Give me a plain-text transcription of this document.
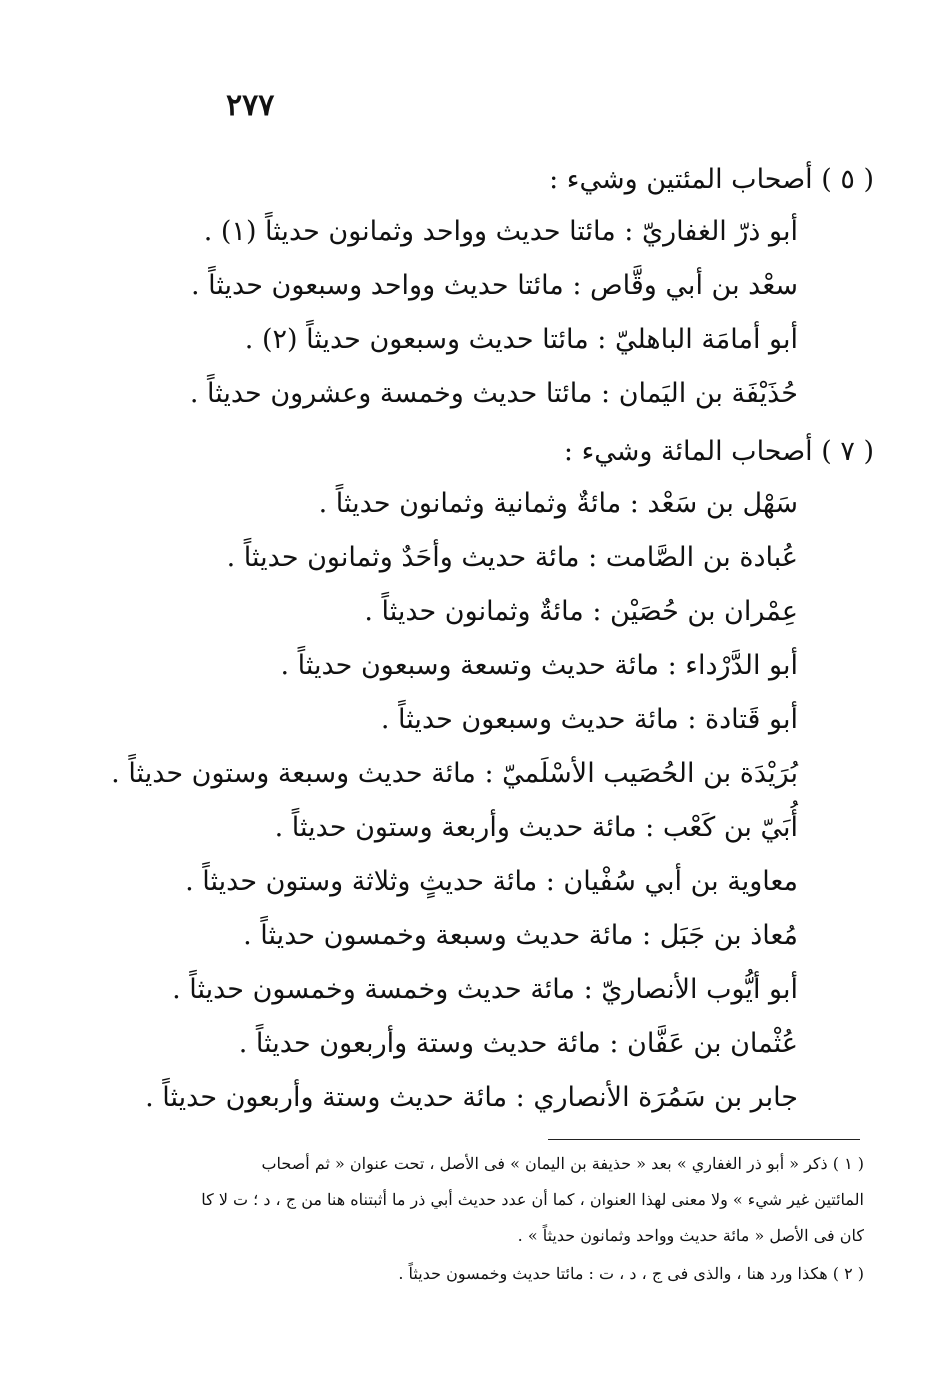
٢٧٧
( ٥ ) أصحاب المئتين وشيء :
أبو ذرّ الغفاريّ : مائتا حديث وواحد وثمانون حديثاً (١) .
سعْد بن أبي وقَّاص : مائتا حديث وواحد وسبعون حديثاً .
أبو أمامَة الباهليّ : مائتا حديث وسبعون حديثاً (٢) .
حُذَيْفَة بن اليَمان : مائتا حديث وخمسة وعشرون حديثاً .
( ٧ ) أصحاب المائة وشيء :
سَهْل بن سَعْد : مائةٌ وثمانية وثمانون حديثاً .
عُبادة بن الصَّامت : مائة حديث وأحَدٌ وثمانون حديثاً .
عِمْران بن حُصَيْن : مائةٌ وثمانون حديثاً .
أبو الدَّرْداء : مائة حديث وتسعة وسبعون حديثاً .
أبو قَتادة : مائة حديث وسبعون حديثاً .
بُرَيْدَة بن الحُصَيب الأسْلَميّ : مائة حديث وسبعة وستون حديثاً .
أُبَيّ بن كَعْب : مائة حديث وأربعة وستون حديثاً .
معاوية بن أبي سُفْيان : مائة حديثٍ وثلاثة وستون حديثاً .
مُعاذ بن جَبَل : مائة حديث وسبعة وخمسون حديثاً .
أبو أيُّوب الأنصاريّ : مائة حديث وخمسة وخمسون حديثاً .
عُثْمان بن عَفَّان : مائة حديث وستة وأربعون حديثاً .
جابر بن سَمُرَة الأنصاري : مائة حديث وستة وأربعون حديثاً .
( ١ ) ذكر « أبو ذر الغفاري » بعد « حذيفة بن اليمان » فى الأصل ، تحت عنوان « ثم أصحاب
المائتين غير شيء » ولا معنى لهذا العنوان ، كما أن عدد حديث أبي ذر ما أثبتناه هنا من ج ، د ؛ ت لا كا
كان فى الأصل « مائة حديث وواحد وثمانون حديثاً » .
( ٢ ) هكذا ورد هنا ، والذى فى ج ، د ، ت : مائتا حديث وخمسون حديثاً .
